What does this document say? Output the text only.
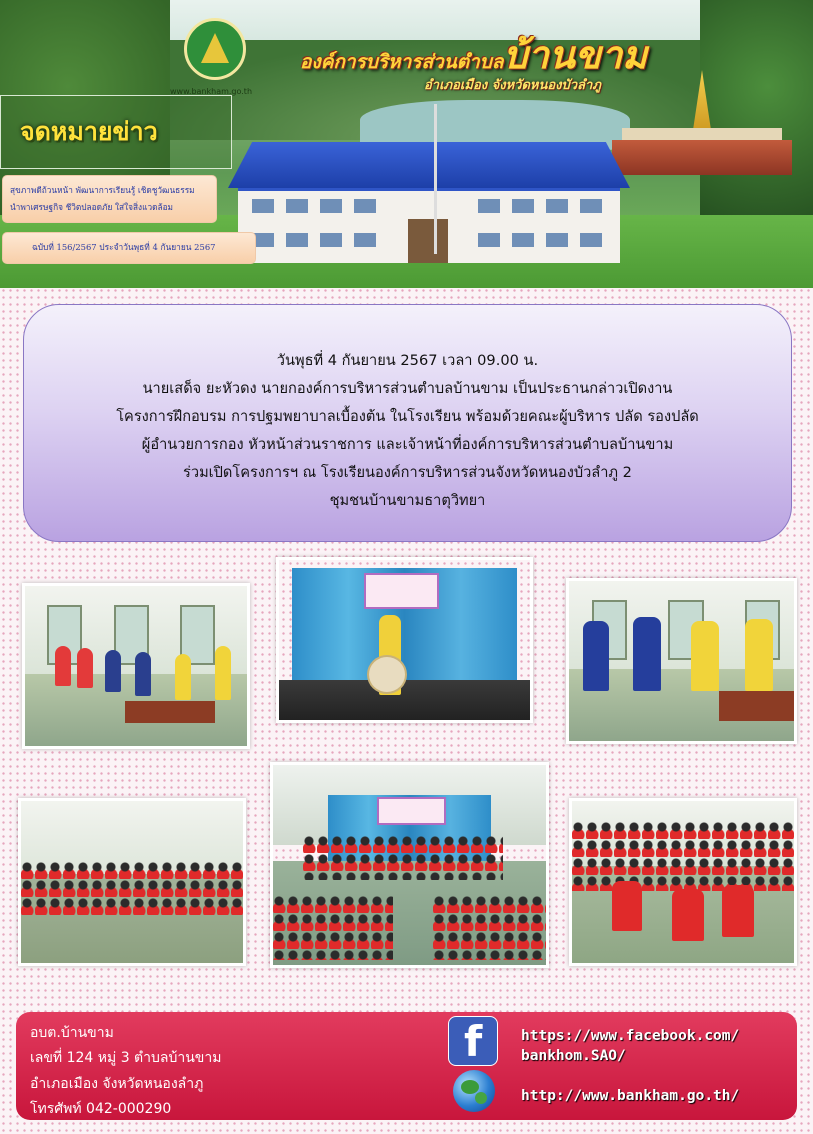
www.bankham.go.th
องค์การบริหารส่วนตำบลบ้านขาม
อำเภอเมือง จังหวัดหนองบัวลำภู
จดหมายข่าว
สุขภาพดีถ้วนหน้า พัฒนาการเรียนรู้ เชิดชูวัฒนธรรม
นำพาเศรษฐกิจ ชีวิตปลอดภัย ใส่ใจสิ่งแวดล้อม
ฉบับที่ 156/2567 ประจำวันพุธที่ 4 กันยายน 2567
วันพุธที่ 4 กันยายน 2567 เวลา 09.00 น.
นายเสด็จ ยะหัวดง นายกองค์การบริหารส่วนตำบลบ้านขาม เป็นประธานกล่าวเปิดงาน
โครงการฝึกอบรม การปฐมพยาบาลเบื้องต้น ในโรงเรียน พร้อมด้วยคณะผู้บริหาร ปลัด รองปลัด
ผู้อำนวยการกอง หัวหน้าส่วนราชการ และเจ้าหน้าที่องค์การบริหารส่วนตำบลบ้านขาม
ร่วมเปิดโครงการฯ ณ โรงเรียนองค์การบริหารส่วนจังหวัดหนองบัวลำภู 2
ชุมชนบ้านขามธาตุวิทยา
อบต.บ้านขาม
เลขที่ 124 หมู่ 3 ตำบลบ้านขาม
อำเภอเมือง จังหวัดหนองลำภู
โทรศัพท์ 042-000290
f	https://www.facebook.com/
bankhom.SAO/
http://www.bankham.go.th/
